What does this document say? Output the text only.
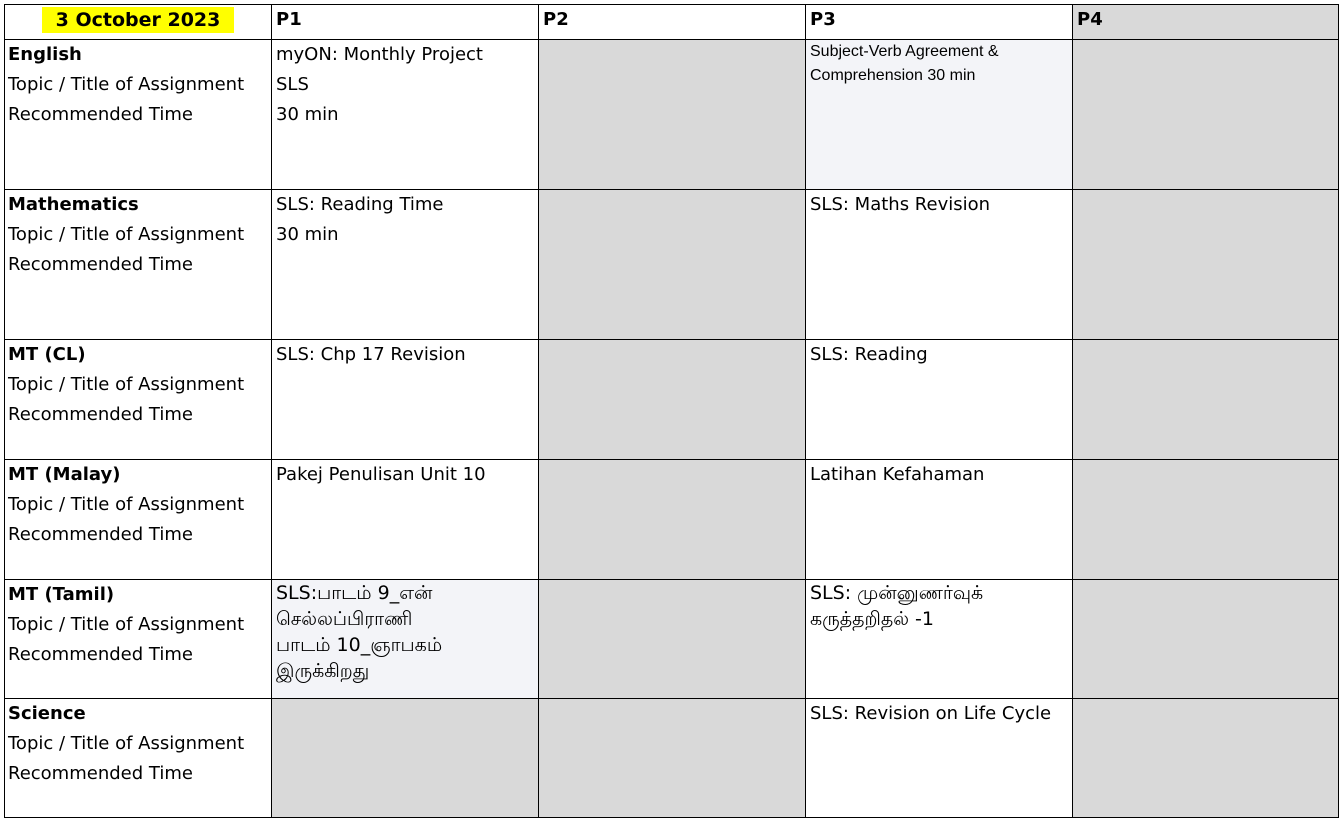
3 October 2023	P1	P2	P3	P4

English
Topic / Title of Assignment
Recommended Time	myON: Monthly Project
SLS
30 min		Subject-Verb Agreement &
Comprehension 30 min	

Mathematics
Topic / Title of Assignment
Recommended Time	SLS: Reading Time
30 min		SLS: Maths Revision	

MT (CL)
Topic / Title of Assignment
Recommended Time	SLS: Chp 17 Revision		SLS: Reading	

MT (Malay)
Topic / Title of Assignment
Recommended Time	Pakej Penulisan Unit 10		Latihan Kefahaman	

MT (Tamil)
Topic / Title of Assignment
Recommended Time	SLS:பாடம் 9_என்
செல்லப்பிராணி
பாடம் 10_ஞாபகம்
இருக்கிறது		SLS: முன்னுணர்வுக்
கருத்தறிதல் -1	

Science
Topic / Title of Assignment
Recommended Time			SLS: Revision on Life Cycle	
